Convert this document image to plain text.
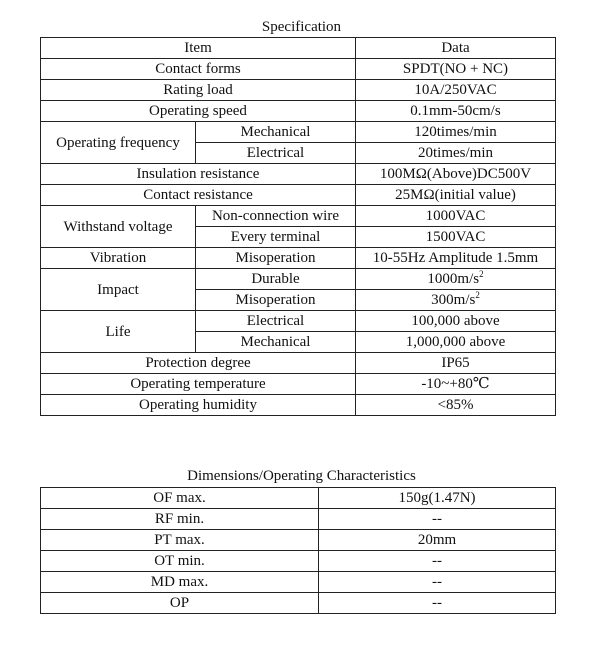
Specification
Item		Data
Contact forms		SPDT(NO + NC)
Rating load		10A/250VAC
Operating speed		0.1mm-50cm/s
Operating frequency	Mechanical	120times/min
	Electrical	20times/min
Insulation resistance		100MΩ(Above)DC500V
Contact resistance		25MΩ(initial value)
Withstand voltage	Non-connection wire	1000VAC
	Every terminal	1500VAC
Vibration	Misoperation	10-55Hz Amplitude 1.5mm
Impact	Durable	$1000m/s^2$
	Misoperation	$300m/s^2$
Life	Electrical	100,000 above
	Mechanical	1,000,000 above
Protection degree		IP65
Operating temperature		-10~+80℃
Operating humidity		<85%
Dimensions/Operating Characteristics
OF max.	150g(1.47N)
RF min.	--
PT max.	20mm
OT min.	--
MD max.	--
OP	--
